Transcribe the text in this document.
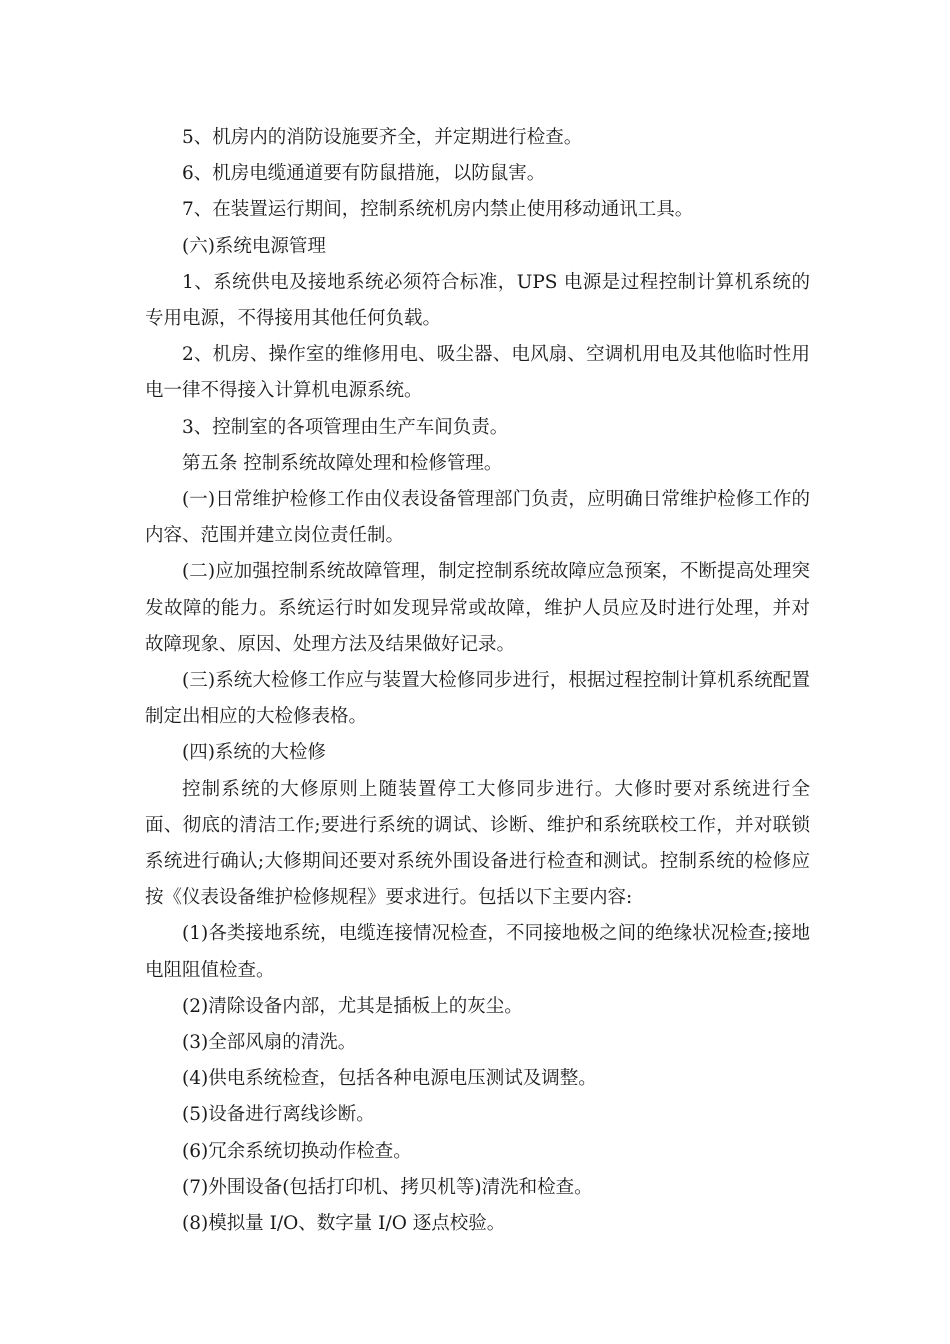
5、机房内的消防设施要齐全，并定期进行检查。

6、机房电缆通道要有防鼠措施，以防鼠害。

7、在装置运行期间，控制系统机房内禁止使用移动通讯工具。

(六)系统电源管理

1、系统供电及接地系统必须符合标准，UPS 电源是过程控制计算机系统的专用电源，不得接用其他任何负载。

2、机房、操作室的维修用电、吸尘器、电风扇、空调机用电及其他临时性用电一律不得接入计算机电源系统。

3、控制室的各项管理由生产车间负责。

第五条 控制系统故障处理和检修管理。

(一)日常维护检修工作由仪表设备管理部门负责，应明确日常维护检修工作的内容、范围并建立岗位责任制。

(二)应加强控制系统故障管理，制定控制系统故障应急预案，不断提高处理突发故障的能力。系统运行时如发现异常或故障，维护人员应及时进行处理，并对故障现象、原因、处理方法及结果做好记录。

(三)系统大检修工作应与装置大检修同步进行，根据过程控制计算机系统配置制定出相应的大检修表格。

(四)系统的大检修

控制系统的大修原则上随装置停工大修同步进行。大修时要对系统进行全面、彻底的清洁工作;要进行系统的调试、诊断、维护和系统联校工作，并对联锁系统进行确认;大修期间还要对系统外围设备进行检查和测试。控制系统的检修应按《仪表设备维护检修规程》要求进行。包括以下主要内容:

(1)各类接地系统，电缆连接情况检查，不同接地极之间的绝缘状况检查;接地电阻阻值检查。

(2)清除设备内部，尤其是插板上的灰尘。

(3)全部风扇的清洗。

(4)供电系统检查，包括各种电源电压测试及调整。

(5)设备进行离线诊断。

(6)冗余系统切换动作检查。

(7)外围设备(包括打印机、拷贝机等)清洗和检查。

(8)模拟量 I/O、数字量 I/O 逐点校验。
